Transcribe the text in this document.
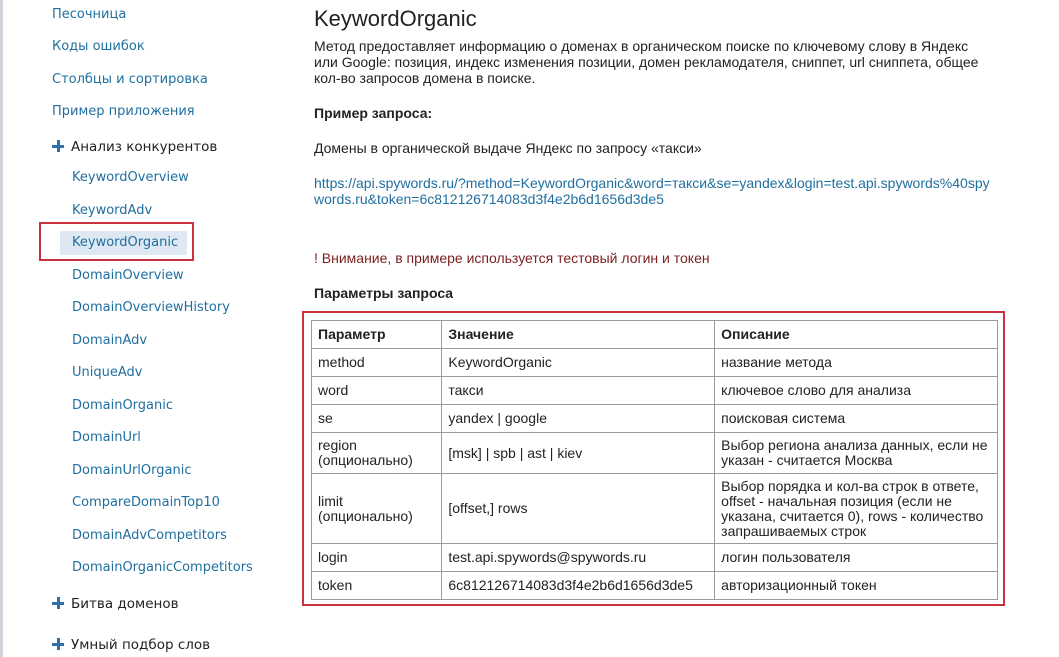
Песочница
Коды ошибок
Столбцы и сортировка
Пример приложения
Анализ конкурентов
KeywordOverview
KeywordAdv
KeywordOrganic
DomainOverview
DomainOverviewHistory
DomainAdv
UniqueAdv
DomainOrganic
DomainUrl
DomainUrlOrganic
CompareDomainTop10
DomainAdvCompetitors
DomainOrganicCompetitors
Битва доменов
Умный подбор слов
KeywordOrganic

Метод предоставляет информацию о доменах в органическом поиске по ключевому слову в Яндекс или Google: позиция, индекс изменения позиции, домен рекламодателя, сниппет, url сниппета, общее кол-во запросов домена в поиске.

Пример запроса:
Домены в органической выдаче Яндекс по запросу «такси»
https://api.spywords.ru/?method=KeywordOrganic&word=такси&se=yandex&login=test.api.spywords%40spywords.ru&token=6c812126714083d3f4e2b6d1656d3de5
! Внимание, в примере используется тестовый логин и токен
Параметры запроса
Параметр	Значение	Описание
method	KeywordOrganic	название метода
word	такси	ключевое слово для анализа
se	yandex | google	поисковая система
region (опционально)	[msk] | spb | ast | kiev	Выбор региона анализа данных, если не указан - считается Москва
limit (опционально)	[offset,] rows	Выбор порядка и кол-ва строк в ответе, offset - начальная позиция (если не указана, считается 0), rows - количество запрашиваемых строк
login	test.api.spywords@spywords.ru	логин пользователя
token	6c812126714083d3f4e2b6d1656d3de5	авторизационный токен
